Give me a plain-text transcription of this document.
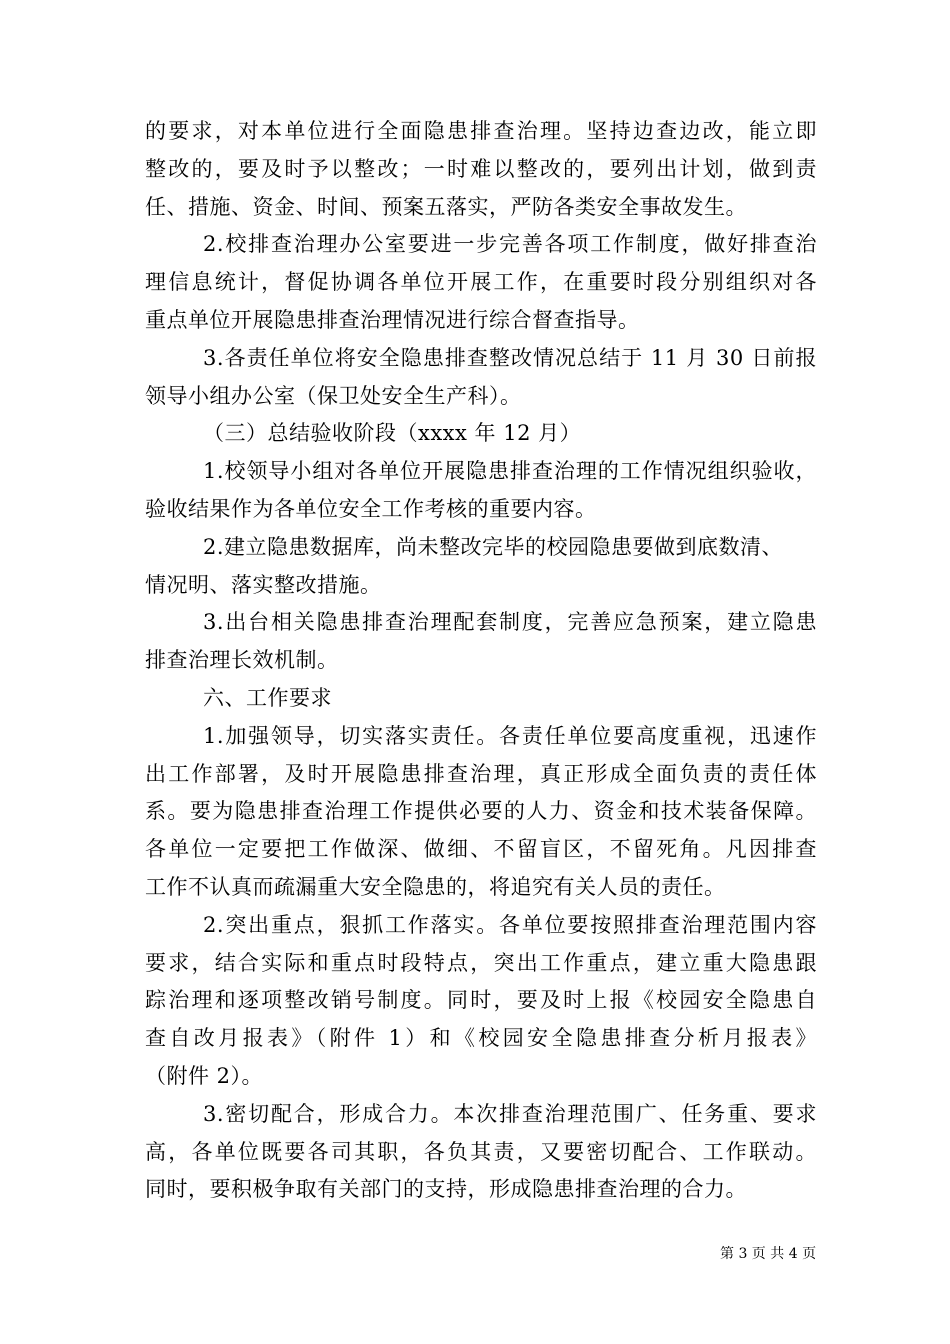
的要求，对本单位进行全面隐患排查治理。坚持边查边改，能立即
整改的，要及时予以整改；一时难以整改的，要列出计划，做到责
任、措施、资金、时间、预案五落实，严防各类安全事故发生。
2.校排查治理办公室要进一步完善各项工作制度，做好排查治
理信息统计，督促协调各单位开展工作，在重要时段分别组织对各
重点单位开展隐患排查治理情况进行综合督查指导。
3.各责任单位将安全隐患排查整改情况总结于 11 月 30 日前报
领导小组办公室（保卫处安全生产科）。
（三）总结验收阶段（xxxx 年 12 月）
1.校领导小组对各单位开展隐患排查治理的工作情况组织验收，
验收结果作为各单位安全工作考核的重要内容。
2.建立隐患数据库，尚未整改完毕的校园隐患要做到底数清、
情况明、落实整改措施。
3.出台相关隐患排查治理配套制度，完善应急预案，建立隐患
排查治理长效机制。
六、工作要求
1.加强领导，切实落实责任。各责任单位要高度重视，迅速作
出工作部署，及时开展隐患排查治理，真正形成全面负责的责任体
系。要为隐患排查治理工作提供必要的人力、资金和技术装备保障。
各单位一定要把工作做深、做细、不留盲区，不留死角。凡因排查
工作不认真而疏漏重大安全隐患的，将追究有关人员的责任。
2.突出重点，狠抓工作落实。各单位要按照排查治理范围内容
要求，结合实际和重点时段特点，突出工作重点，建立重大隐患跟
踪治理和逐项整改销号制度。同时，要及时上报《校园安全隐患自
查自改月报表》（附件 1）和《校园安全隐患排查分析月报表》
（附件 2）。
3.密切配合，形成合力。本次排查治理范围广、任务重、要求
高，各单位既要各司其职，各负其责，又要密切配合、工作联动。
同时，要积极争取有关部门的支持，形成隐患排查治理的合力。
第 3 页 共 4 页
